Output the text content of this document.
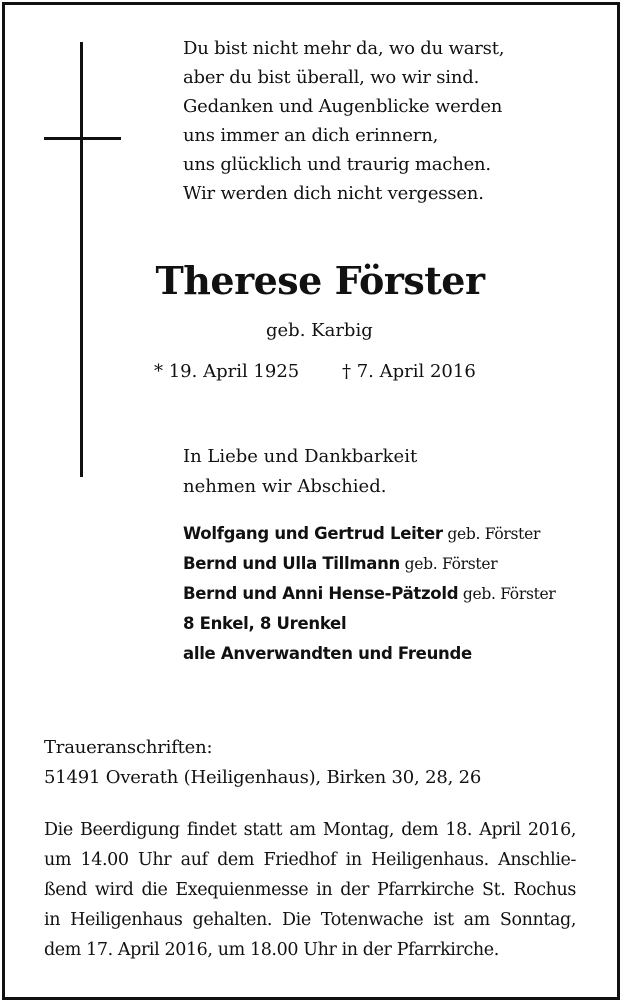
Du bist nicht mehr da, wo du warst,
aber du bist überall, wo wir sind.
Gedanken und Augenblicke werden
uns immer an dich erinnern,
uns glücklich und traurig machen.
Wir werden dich nicht vergessen.
Therese Förster
geb. Karbig
* 19. April 1925 † 7. April 2016
In Liebe und Dankbarkeit
nehmen wir Abschied.
Wolfgang und Gertrud Leiter geb. Förster
Bernd und Ulla Tillmann geb. Förster
Bernd und Anni Hense-Pätzold geb. Förster
8 Enkel, 8 Urenkel
alle Anverwandten und Freunde
Traueranschriften:
51491 Overath (Heiligenhaus), Birken 30, 28, 26
Die Beerdigung findet statt am Montag, dem 18. April 2016,
um 14.00 Uhr auf dem Friedhof in Heiligenhaus. Anschlie-
ßend wird die Exequienmesse in der Pfarrkirche St. Rochus
in Heiligenhaus gehalten. Die Totenwache ist am Sonntag,
dem 17. April 2016, um 18.00 Uhr in der Pfarrkirche.
